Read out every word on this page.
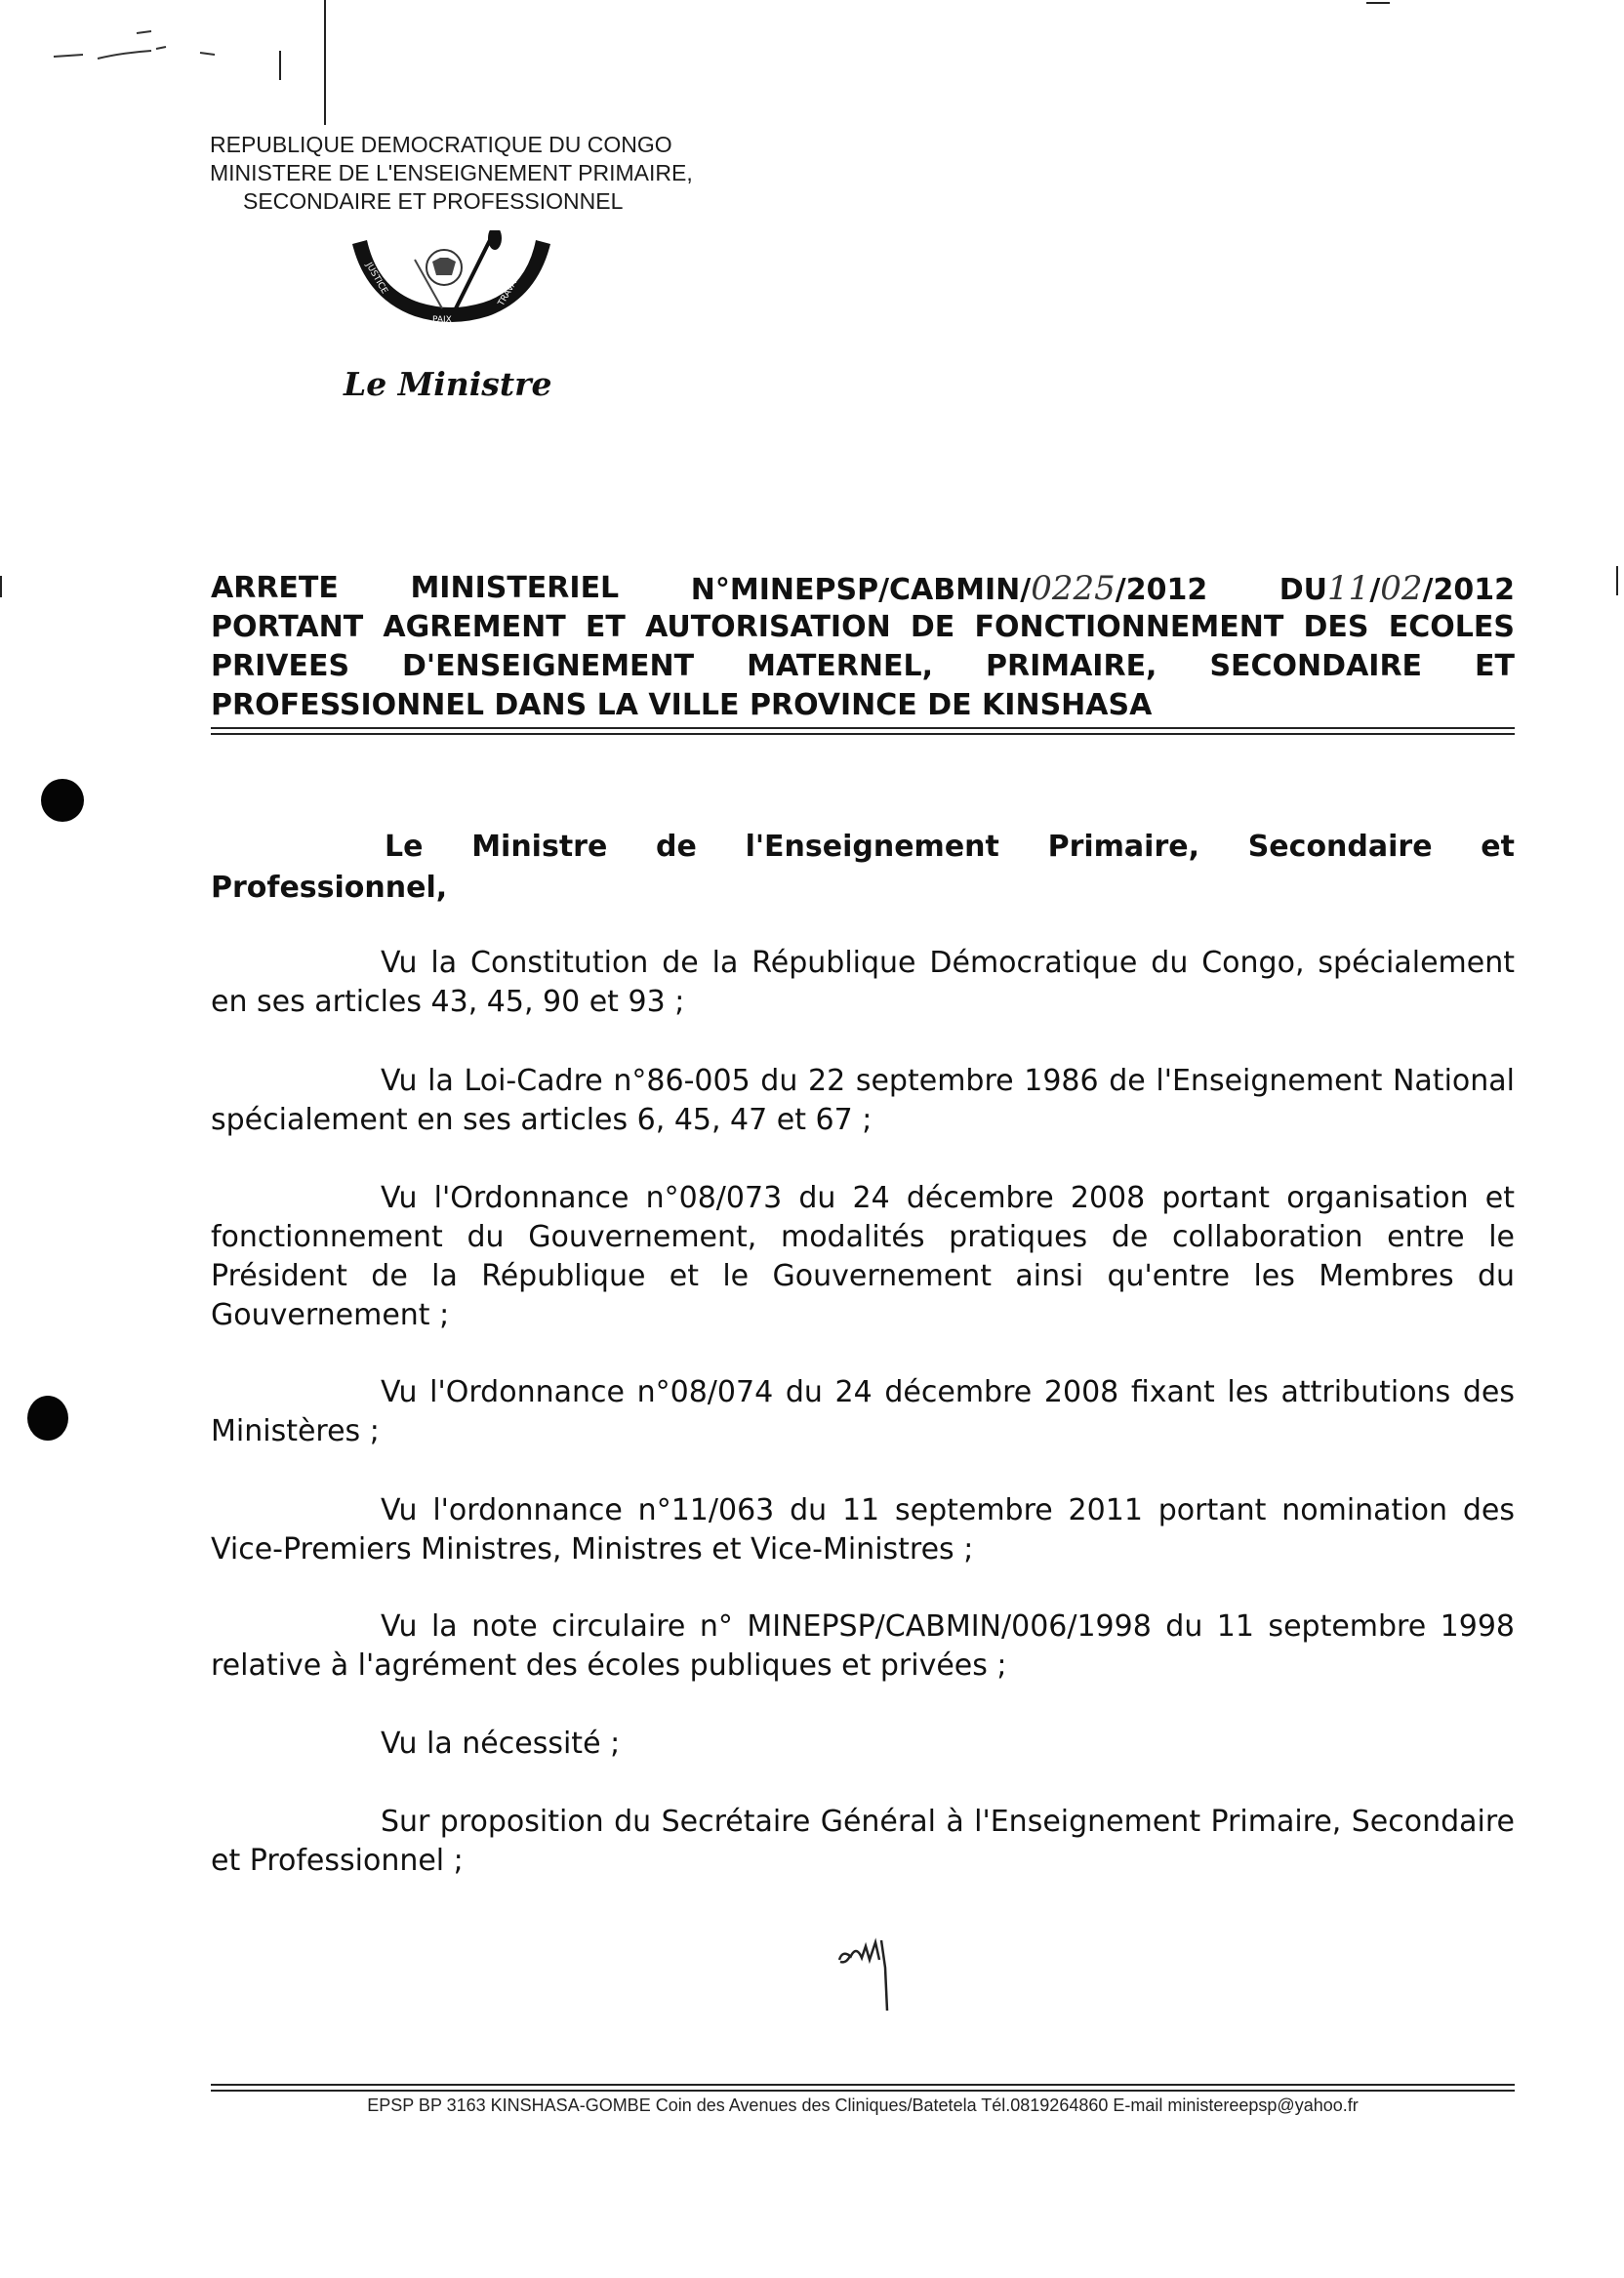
REPUBLIQUE DEMOCRATIQUE DU CONGO
MINISTERE DE L'ENSEIGNEMENT PRIMAIRE,
SECONDAIRE ET PROFESSIONNEL
JUSTICE
PAIX
TRAVAIL
Le Ministre
ARRETE MINISTERIEL N°MINEPSP/CABMIN/0225/2012 DU11/02/2012
PORTANT AGREMENT ET AUTORISATION DE FONCTIONNEMENT DES ECOLES
PRIVEES D'ENSEIGNEMENT MATERNEL, PRIMAIRE, SECONDAIRE ET
PROFESSIONNEL DANS LA VILLE PROVINCE DE KINSHASA
Le Ministre de l'Enseignement Primaire, Secondaire et
Professionnel,
Vu la Constitution de la République Démocratique du Congo, spécialement en ses articles 43, 45, 90 et 93 ;
Vu la Loi-Cadre n°86-005 du 22 septembre 1986 de l'Enseignement National spécialement en ses articles 6, 45, 47 et 67 ;
Vu l'Ordonnance n°08/073 du 24 décembre 2008 portant organisation et fonctionnement du Gouvernement, modalités pratiques de collaboration entre le Président de la République et le Gouvernement ainsi qu'entre les Membres du Gouvernement ;
Vu l'Ordonnance n°08/074 du 24 décembre 2008 fixant les attributions des Ministères ;
Vu l'ordonnance n°11/063 du 11 septembre 2011 portant nomination des Vice-Premiers Ministres, Ministres et Vice-Ministres ;
Vu la note circulaire n° MINEPSP/CABMIN/006/1998 du 11 septembre 1998 relative à l'agrément des écoles publiques et privées ;
Vu la nécessité ;
Sur proposition du Secrétaire Général à l'Enseignement Primaire, Secondaire et Professionnel ;
EPSP BP 3163 KINSHASA-GOMBE Coin des Avenues des Cliniques/Batetela Tél.0819264860 E-mail ministereepsp@yahoo.fr
